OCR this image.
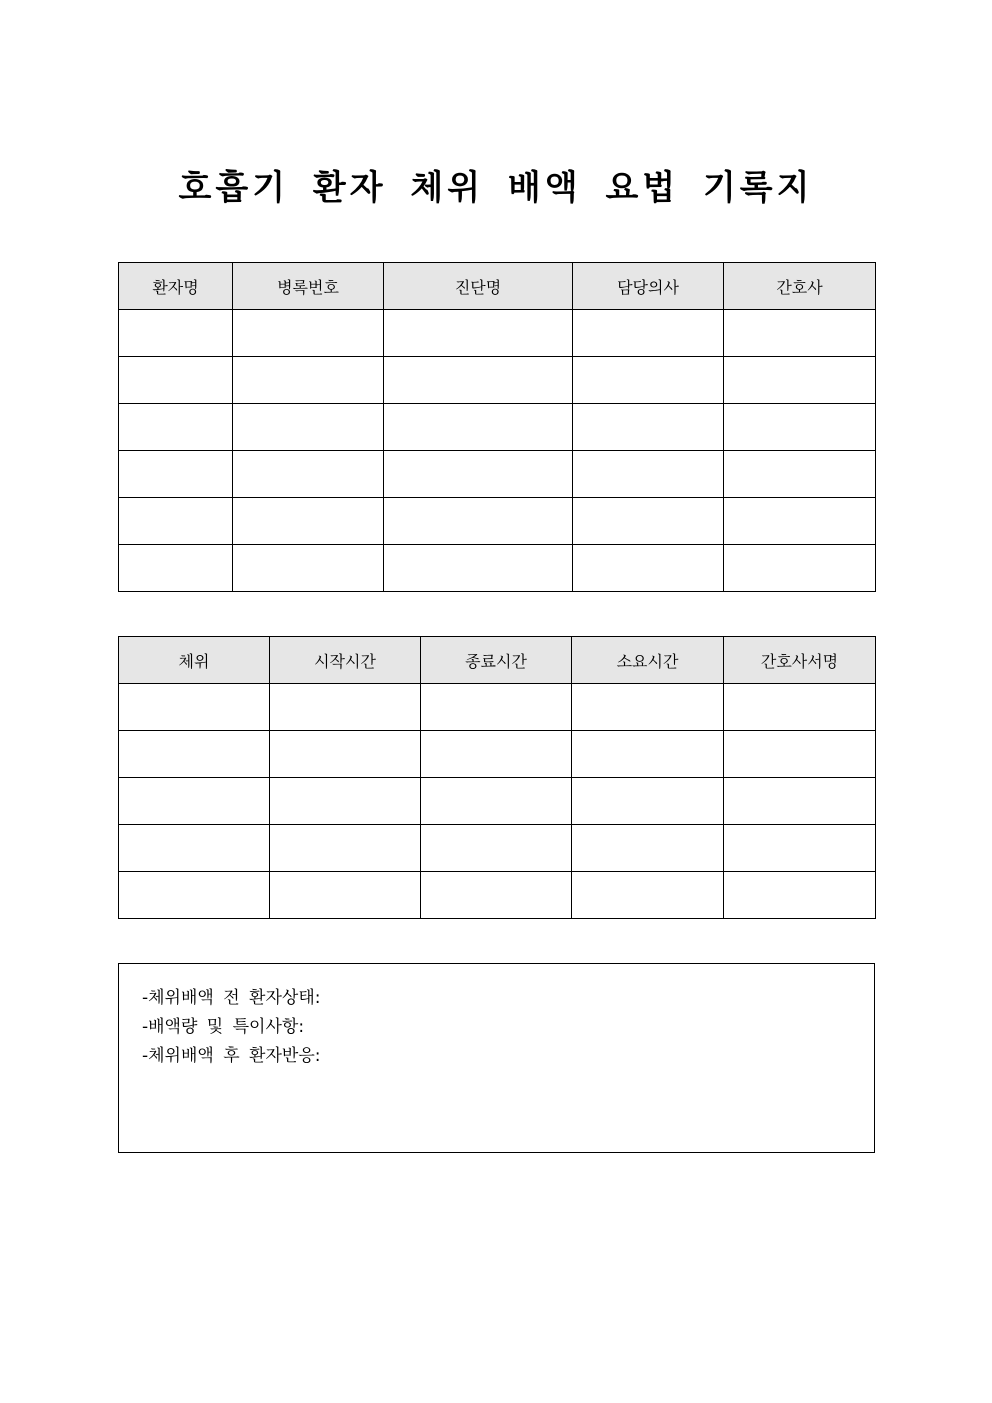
호흡기 환자 체위 배액 요법 기록지
환자명	병록번호	진단명	담당의사	간호사

체위	시작시간	종료시간	소요시간	간호사서명

-체위배액 전 환자상태:
-배액량 및 특이사항:
-체위배액 후 환자반응:
